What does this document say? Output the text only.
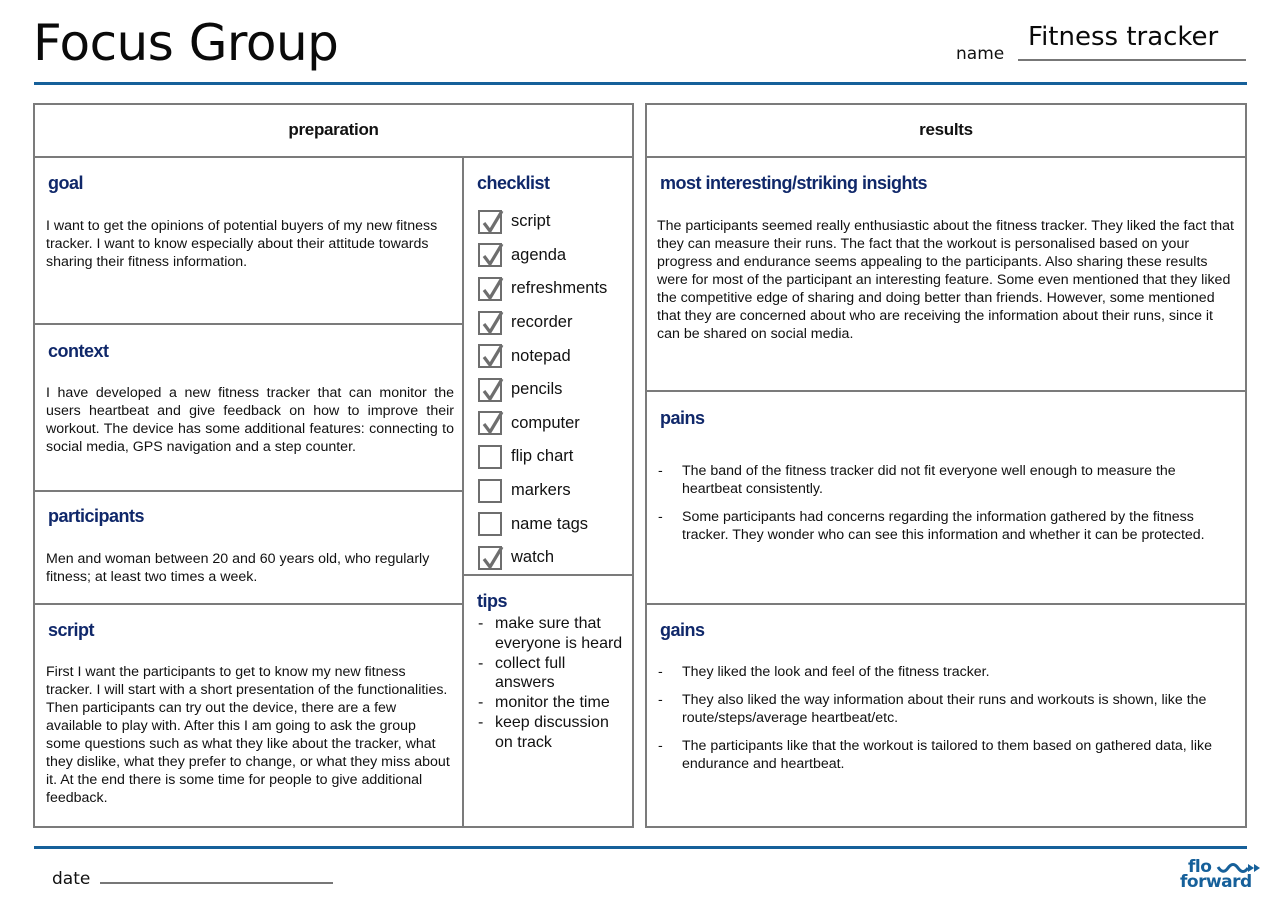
Focus Group	name
Fitness tracker
preparation
goal
I want to get the opinions of potential buyers of my new fitness tracker. I want to know especially about their attitude towards sharing their fitness information.
context
I have developed a new fitness tracker that can monitor the users heartbeat and give feedback on how to improve their workout. The device has some additional features: connecting to social media, GPS navigation and a step counter.
participants
Men and woman between 20 and 60 years old, who regularly fitness; at least two times a week.
script
First I want the participants to get to know my new fitness tracker. I will start with a short presentation of the functionalities. Then participants can try out the device, there are a few available to play with. After this I am going to ask the group some questions such as what they like about the tracker, what they dislike, what they prefer to change, or what they miss about it. At the end there is some time for people to give additional feedback.
checklist
script
agenda
refreshments
recorder
notepad
pencils
computer
flip chart
markers
name tags
watch
tips
- make sure that everyone is heard
- collect full answers
- monitor the time
- keep discussion on track
results
most interesting/striking insights
The participants seemed really enthusiastic about the fitness tracker. They liked the fact that they can measure their runs. The fact that the workout is personalised based on your progress and endurance seems appealing to the participants. Also sharing these results were for most of the participant an interesting feature. Some even mentioned that they liked the competitive edge of sharing and doing better than friends. However, some mentioned that they are concerned about who are receiving the information about their runs, since it can be shared on social media.
pains
- The band of the fitness tracker did not fit everyone well enough to measure the heartbeat consistently.
- Some participants had concerns regarding the information gathered by the fitness tracker. They wonder who can see this information and whether it can be protected.
gains
- They liked the look and feel of the fitness tracker.
- They also liked the way information about their runs and workouts is shown, like the route/steps/average heartbeat/etc.
- The participants like that the workout is tailored to them based on gathered data, like endurance and heartbeat.
date
flo
forward
